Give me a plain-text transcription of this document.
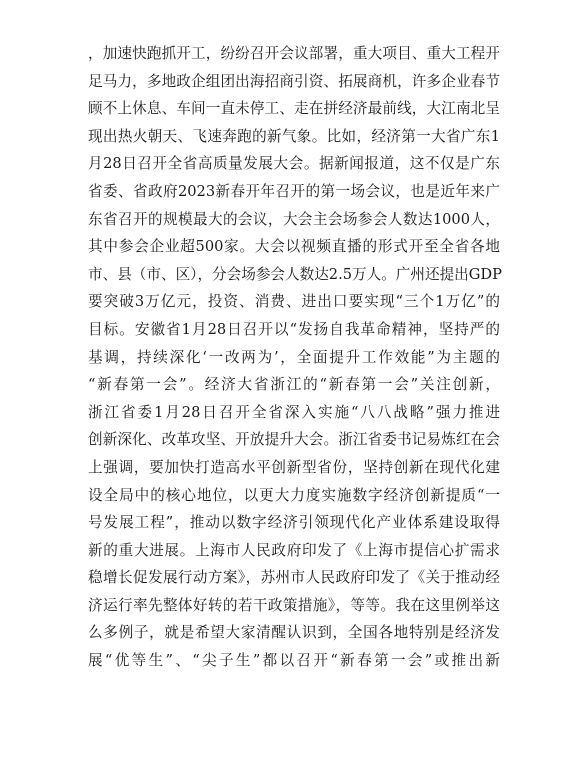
，加速快跑抓开工，纷纷召开会议部署，重大项目、重大工程开
足马力，多地政企组团出海招商引资、拓展商机，许多企业春节
顾不上休息、车间一直未停工、走在拼经济最前线，大江南北呈
现出热火朝天、飞速奔跑的新气象。比如，经济第一大省广东1
月28日召开全省高质量发展大会。据新闻报道，这不仅是广东
省委、省政府2023新春开年召开的第一场会议，也是近年来广
东省召开的规模最大的会议，大会主会场参会人数达1000人，
其中参会企业超500家。大会以视频直播的形式开至全省各地
市、县（市、区），分会场参会人数达2.5万人。广州还提出GDP
要突破3万亿元，投资、消费、进出口要实现“三个1万亿”的
目标。安徽省1月28日召开以“发扬自我革命精神，坚持严的
基调，持续深化‘一改两为’，全面提升工作效能”为主题的
“新春第一会”。经济大省浙江的“新春第一会”关注创新，
浙江省委1月28日召开全省深入实施“八八战略”强力推进
创新深化、改革攻坚、开放提升大会。浙江省委书记易炼红在会
上强调，要加快打造高水平创新型省份，坚持创新在现代化建
设全局中的核心地位，以更大力度实施数字经济创新提质“一
号发展工程”，推动以数字经济引领现代化产业体系建设取得
新的重大进展。上海市人民政府印发了《上海市提信心扩需求
稳增长促发展行动方案》，苏州市人民政府印发了《关于推动经
济运行率先整体好转的若干政策措施》，等等。我在这里例举这
么多例子，就是希望大家清醒认识到，全国各地特别是经济发
展“优等生”、“尖子生”都以召开“新春第一会”或推出新
